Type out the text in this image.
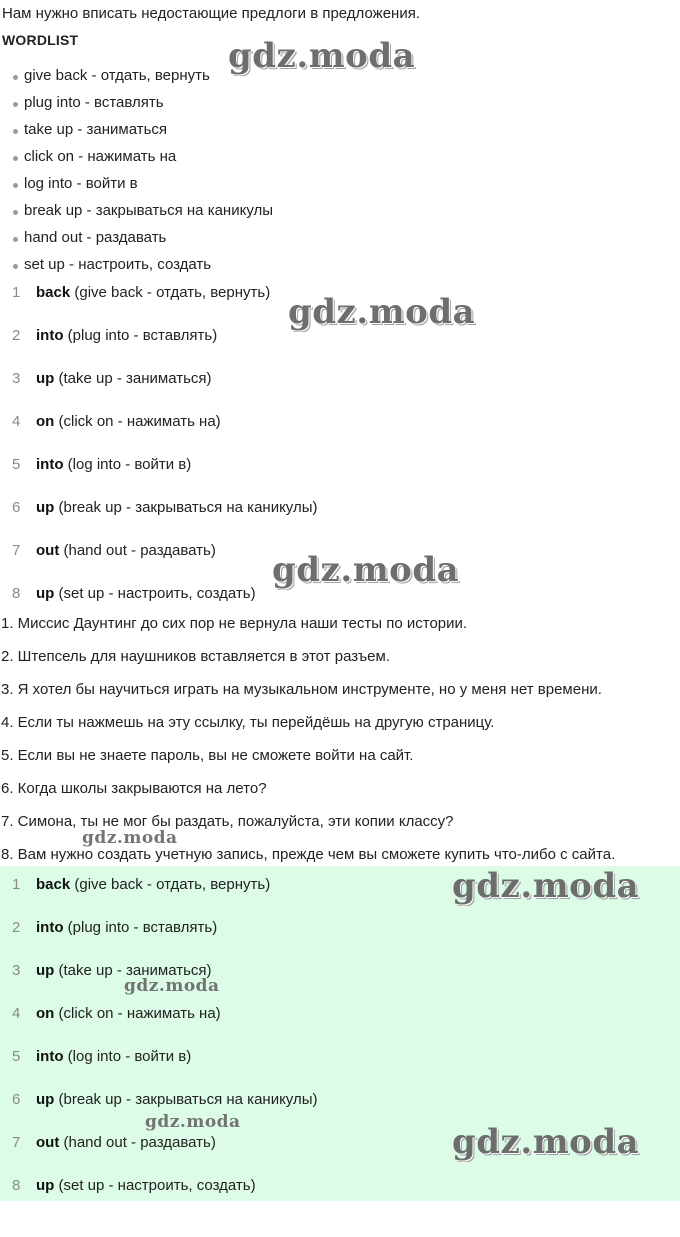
Нам нужно вписать недостающие предлоги в предложения.
WORDLIST
give back - отдать, вернуть
plug into - вставлять
take up - заниматься
click on - нажимать на
log into - войти в
break up - закрываться на каникулы
hand out - раздавать
set up - настроить, создать
1 back (give back - отдать, вернуть)
2 into (plug into - вставлять)
3 up (take up - заниматься)
4 on (click on - нажимать на)
5 into (log into - войти в)
6 up (break up - закрываться на каникулы)
7 out (hand out - раздавать)
8 up (set up - настроить, создать)
1. Миссис Даунтинг до сих пор не вернула наши тесты по истории.
2. Штепсель для наушников вставляется в этот разъем.
3. Я хотел бы научиться играть на музыкальном инструменте, но у меня нет времени.
4. Если ты нажмешь на эту ссылку, ты перейдёшь на другую страницу.
5. Если вы не знаете пароль, вы не сможете войти на сайт.
6. Когда школы закрываются на лето?
7. Симона, ты не мог бы раздать, пожалуйста, эти копии классу?
8. Вам нужно создать учетную запись, прежде чем вы сможете купить что-либо с сайта.
1 back (give back - отдать, вернуть)
2 into (plug into - вставлять)
3 up (take up - заниматься)
4 on (click on - нажимать на)
5 into (log into - войти в)
6 up (break up - закрываться на каникулы)
7 out (hand out - раздавать)
8 up (set up - настроить, создать)
gdz.moda
gdz.moda
gdz.moda
gdz.moda
gdz.moda
gdz.moda
gdz.moda	gdz.moda
